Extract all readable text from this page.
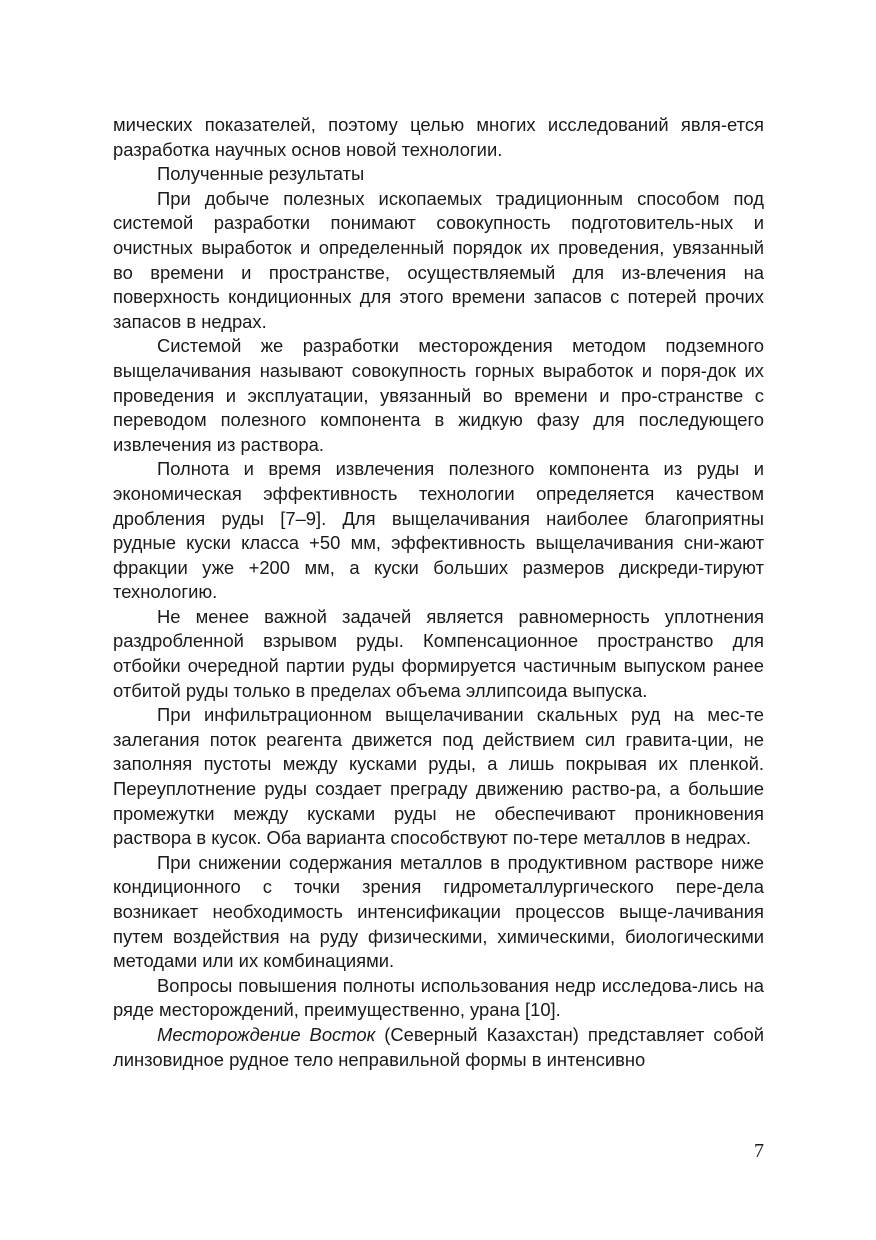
мических показателей, поэтому целью многих исследований явля-ется разработка научных основ новой технологии.

Полученные результаты

При добыче полезных ископаемых традиционным способом под системой разработки понимают совокупность подготовитель-ных и очистных выработок и определенный порядок их проведения, увязанный во времени и пространстве, осуществляемый для из-влечения на поверхность кондиционных для этого времени запасов с потерей прочих запасов в недрах.

Системой же разработки месторождения методом подземного выщелачивания называют совокупность горных выработок и поря-док их проведения и эксплуатации, увязанный во времени и про-странстве с переводом полезного компонента в жидкую фазу для последующего извлечения из раствора.

Полнота и время извлечения полезного компонента из руды и экономическая эффективность технологии определяется качеством дробления руды [7–9]. Для выщелачивания наиболее благоприятны рудные куски класса +50 мм, эффективность выщелачивания сни-жают фракции уже +200 мм, а куски больших размеров дискреди-тируют технологию.

Не менее важной задачей является равномерность уплотнения раздробленной взрывом руды. Компенсационное пространство для отбойки очередной партии руды формируется частичным выпуском ранее отбитой руды только в пределах объема эллипсоида выпуска.

При инфильтрационном выщелачивании скальных руд на мес-те залегания поток реагента движется под действием сил гравита-ции, не заполняя пустоты между кусками руды, а лишь покрывая их пленкой. Переуплотнение руды создает преграду движению раство-ра, а большие промежутки между кусками руды не обеспечивают проникновения раствора в кусок. Оба варианта способствуют по-тере металлов в недрах.

При снижении содержания металлов в продуктивном растворе ниже кондиционного с точки зрения гидрометаллургического пере-дела возникает необходимость интенсификации процессов выще-лачивания путем воздействия на руду физическими, химическими, биологическими методами или их комбинациями.

Вопросы повышения полноты использования недр исследова-лись на ряде месторождений, преимущественно, урана [10].

Месторождение Восток (Северный Казахстан) представляет собой линзовидное рудное тело неправильной формы в интенсивно

7
